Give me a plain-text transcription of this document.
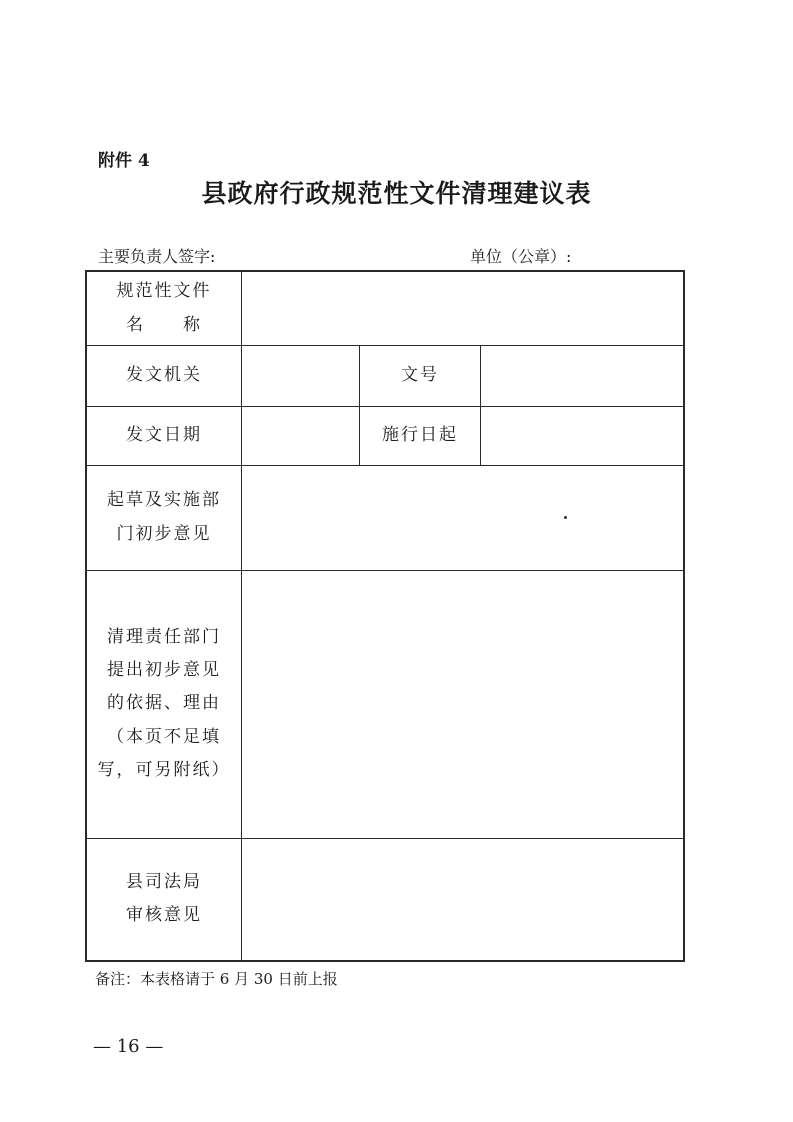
附件 4
县政府行政规范性文件清理建议表
主要负责人签字:	单位（公章）:
规范性文件
名　　称
发文机关	文号
发文日期	施行日起
起草及实施部
门初步意见
清理责任部门
提出初步意见
的依据、理由
（本页不足填
写，可另附纸）
县司法局
审核意见
备注：本表格请于 6 月 30 日前上报
— 16 —
